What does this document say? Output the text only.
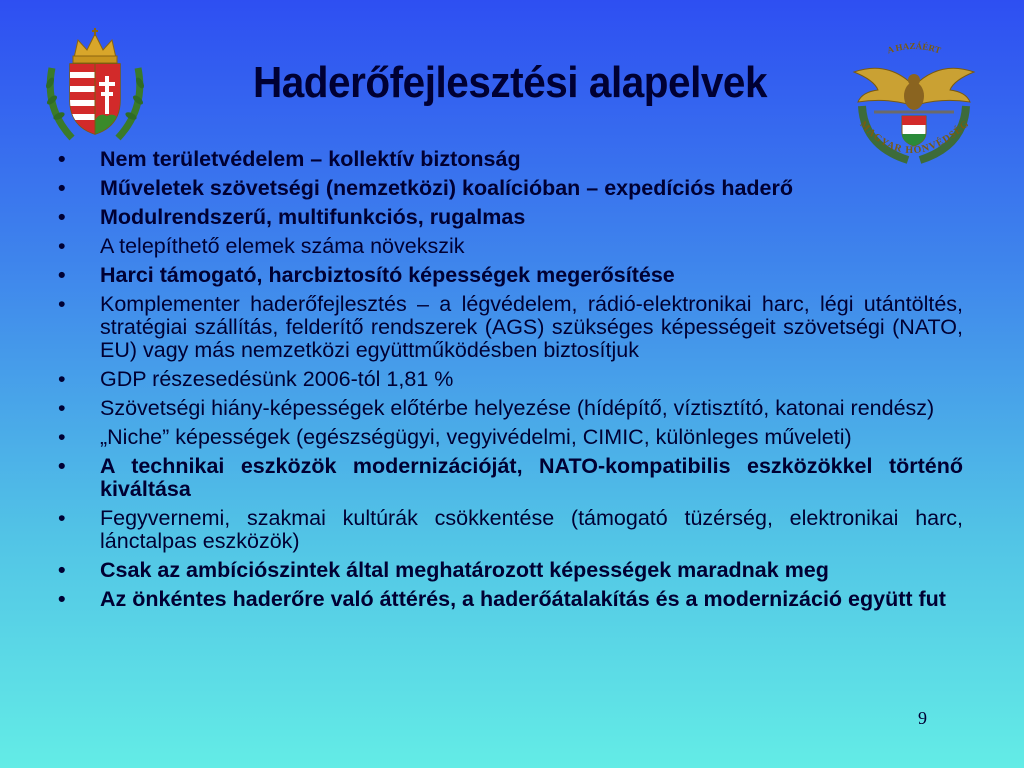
A HAZÁÉRT
MAGYAR HONVÉDSÉG
Haderőfejlesztési alapelvek
• Nem területvédelem – kollektív biztonság
• Műveletek szövetségi (nemzetközi) koalícióban – expedíciós haderő
• Modulrendszerű, multifunkciós, rugalmas
• A telepíthető elemek száma növekszik
• Harci támogató, harcbiztosító képességek megerősítése
• Komplementer haderőfejlesztés – a légvédelem, rádió-elektronikai harc, légi utántöltés, stratégiai szállítás, felderítő rendszerek (AGS) szükséges képességeit szövetségi (NATO, EU) vagy más nemzetközi együttműködésben biztosítjuk
• GDP részesedésünk 2006-tól 1,81 %
• Szövetségi hiány-képességek előtérbe helyezése (hídépítő, víztisztító, katonai rendész)
• „Niche” képességek (egészségügyi, vegyivédelmi, CIMIC, különleges műveleti)
• A technikai eszközök modernizációját, NATO-kompatibilis eszközökkel történő kiváltása
• Fegyvernemi, szakmai kultúrák csökkentése (támogató tüzérség, elektronikai harc, lánctalpas eszközök)
• Csak az ambíciószintek által meghatározott képességek maradnak meg
• Az önkéntes haderőre való áttérés, a haderőátalakítás és a modernizáció együtt fut
9
